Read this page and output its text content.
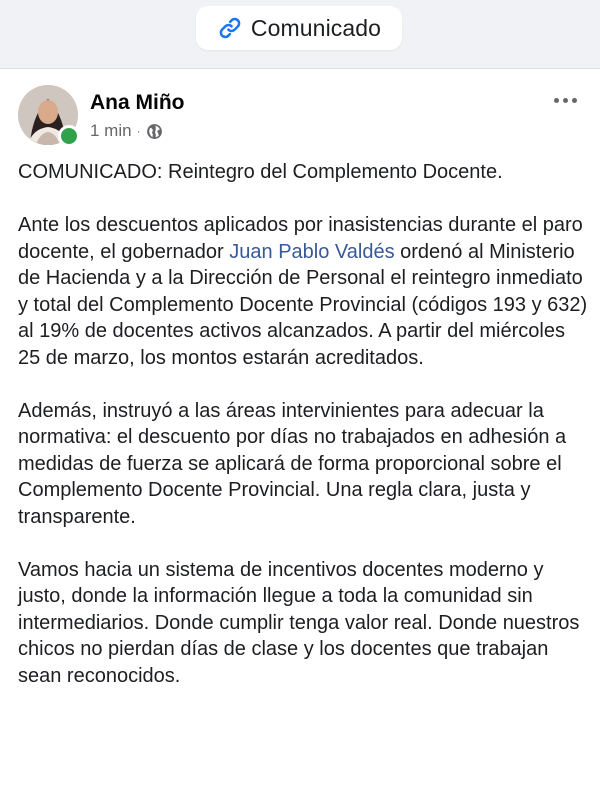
Comunicado
Ana Miño
1 min ·

COMUNICADO: Reintegro del Complemento Docente.

Ante los descuentos aplicados por inasistencias durante el paro docente, el gobernador Juan Pablo Valdés ordenó al Ministerio de Hacienda y a la Dirección de Personal el reintegro inmediato y total del Complemento Docente Provincial (códigos 193 y 632) al 19% de docentes activos alcanzados. A partir del miércoles 25 de marzo, los montos estarán acreditados.

Además, instruyó a las áreas intervinientes para adecuar la normativa: el descuento por días no trabajados en adhesión a medidas de fuerza se aplicará de forma proporcional sobre el Complemento Docente Provincial. Una regla clara, justa y transparente.

Vamos hacia un sistema de incentivos docentes moderno y justo, donde la información llegue a toda la comunidad sin intermediarios. Donde cumplir tenga valor real. Donde nuestros chicos no pierdan días de clase y los docentes que trabajan sean reconocidos.
